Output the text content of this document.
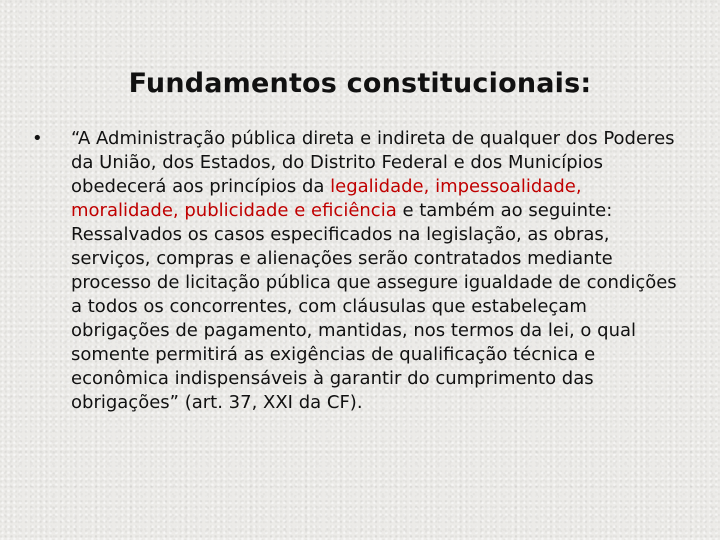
Fundamentos constitucionais:
• “A Administração pública direta e indireta de qualquer dos Poderes da União, dos Estados, do Distrito Federal e dos Municípios obedecerá aos princípios da legalidade, impessoalidade, moralidade, publicidade e eficiência e também ao seguinte: Ressalvados os casos especificados na legislação, as obras, serviços, compras e alienações serão contratados mediante processo de licitação pública que assegure igualdade de condições a todos os concorrentes, com cláusulas que estabeleçam obrigações de pagamento, mantidas, nos termos da lei, o qual somente permitirá as exigências de qualificação técnica e econômica indispensáveis à garantir do cumprimento das obrigações” (art. 37, XXI da CF).
